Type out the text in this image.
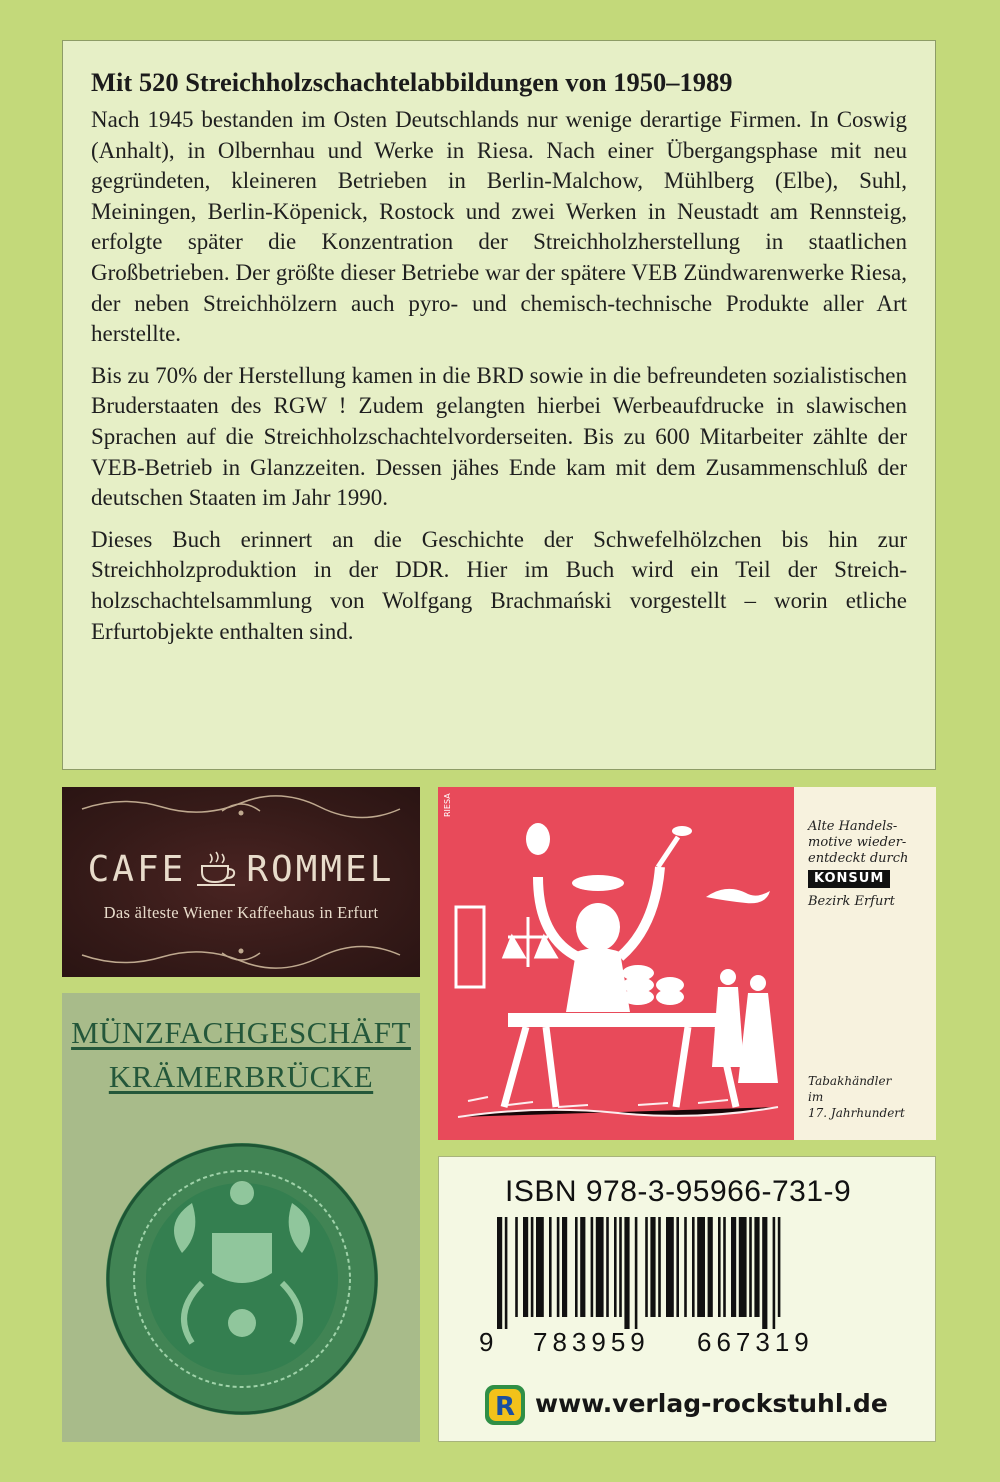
Mit 520 Streichholzschachtelabbildungen von 1950–1989

Nach 1945 bestanden im Osten Deutschlands nur wenige derartige Firmen. In Coswig (Anhalt), in Olbernhau und Werke in Riesa. Nach einer Übergangsphase mit neu gegründeten, kleineren Betrieben in Berlin-Malchow, Mühlberg (Elbe), Suhl, Meiningen, Berlin-Köpenick, Rostock und zwei Werken in Neustadt am Rennsteig, erfolgte später die Konzentration der Streichholzherstellung in staatlichen Großbetrieben. Der größte dieser Betriebe war der spätere VEB Zündwarenwerke Riesa, der neben Streichhölzern auch pyro- und chemisch-technische Produkte aller Art herstellte.

Bis zu 70% der Herstellung kamen in die BRD sowie in die befreundeten sozialistischen Bruderstaaten des RGW ! Zudem gelangten hierbei Werbeaufdrucke in slawischen Sprachen auf die Streichholzschachtelvorderseiten. Bis zu 600 Mitarbeiter zählte der VEB-Betrieb in Glanzzeiten. Dessen jähes Ende kam mit dem Zusammenschluß der deutschen Staaten im Jahr 1990.

Dieses Buch erinnert an die Geschichte der Schwefelhölzchen bis hin zur Streichholzproduktion in der DDR. Hier im Buch wird ein Teil der Streichholzschachtelsammlung von Wolfgang Brachmański vorgestellt – worin etliche Erfurtobjekte enthalten sind.

CAFE ROMMEL
Das älteste Wiener Kaffeehaus in Erfurt
RIESA
Alte Handels-
motive wieder-
entdeckt durch
KONSUM
Bezirk Erfurt
Tabakhändler
im
17. Jahrhundert
MÜNZFACHGESCHÄFT
KRÄMERBRÜCKE
ISBN 978-3-95966-731-9
9 783959 667319
R www.verlag-rockstuhl.de
